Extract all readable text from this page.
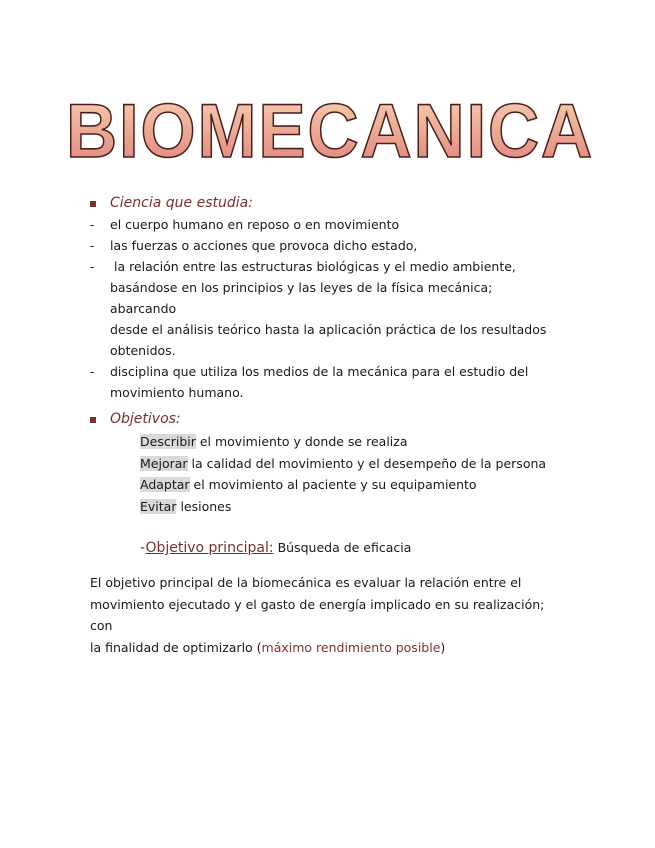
BIOMECANICA
Ciencia que estudia:
- el cuerpo humano en reposo o en movimiento
- las fuerzas o acciones que provoca dicho estado,
- la relación entre las estructuras biológicas y el medio ambiente,
basándose en los principios y las leyes de la física mecánica; abarcando
desde el análisis teórico hasta la aplicación práctica de los resultados
obtenidos.
- disciplina que utiliza los medios de la mecánica para el estudio del
movimiento humano.
Objetivos:
Describir el movimiento y donde se realiza
Mejorar la calidad del movimiento y el desempeño de la persona
Adaptar el movimiento al paciente y su equipamiento
Evitar lesiones
-Objetivo principal: Búsqueda de eficacia
El objetivo principal de la biomecánica es evaluar la relación entre el
movimiento ejecutado y el gasto de energía implicado en su realización; con
la finalidad de optimizarlo (máximo rendimiento posible)
